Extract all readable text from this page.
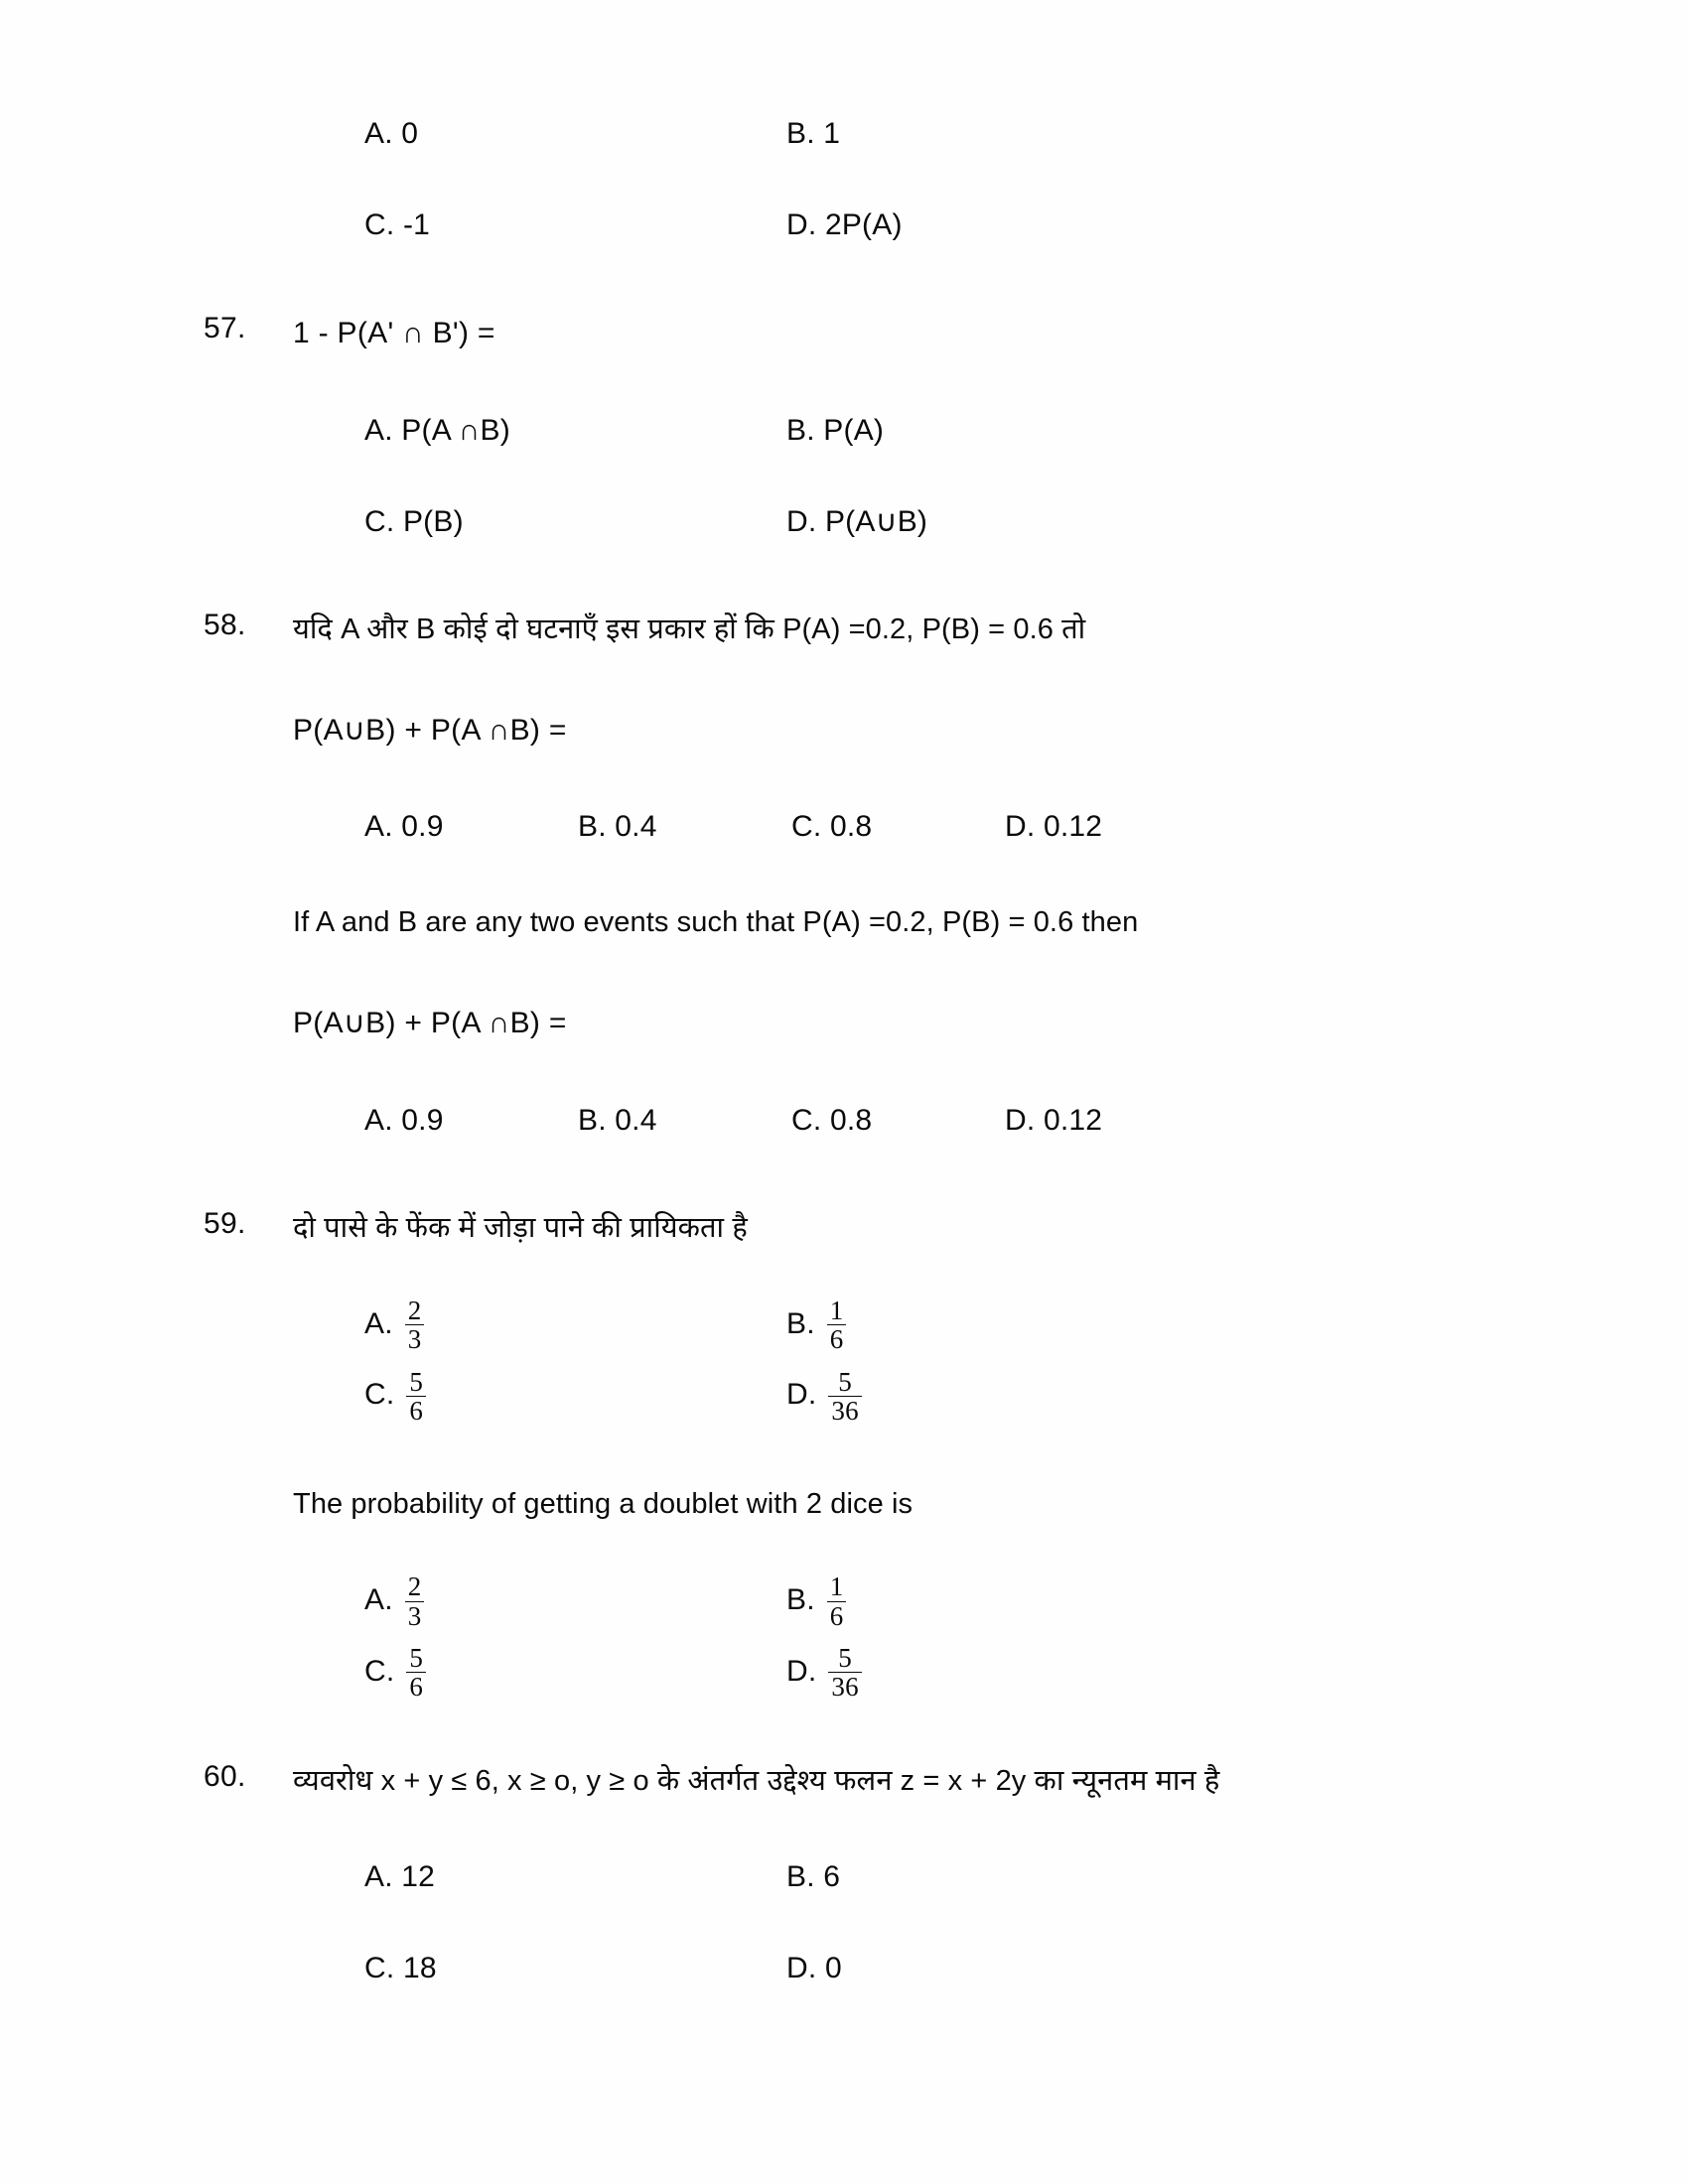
A. 0	B. 1
C. -1	D. 2P(A)
57.	1 - P(A' ∩ B') =
A. P(A ∩B)	B. P(A)
C. P(B)	D. P(A∪B)
58.	यदि A और B कोई दो घटनाएँ इस प्रकार हों कि P(A) =0.2, P(B) = 0.6 तो
P(A∪B) + P(A ∩B) =
A. 0.9	B. 0.4	C. 0.8	D. 0.12
If A and B are any two events such that P(A) =0.2, P(B) = 0.6 then
P(A∪B) + P(A ∩B) =
A. 0.9	B. 0.4	C. 0.8	D. 0.12
59.	दो पासे के फेंक में जोड़ा पाने की प्रायिकता है
A. $\frac{2}{3}$	B. $\frac{1}{6}$
C. $\frac{5}{6}$	D. $\frac{5}{36}$
The probability of getting a doublet with 2 dice is
A. $\frac{2}{3}$	B. $\frac{1}{6}$
C. $\frac{5}{6}$	D. $\frac{5}{36}$
60.	व्यवरोध x + y ≤ 6, x ≥ o, y ≥ o के अंतर्गत उद्देश्य फलन z = x + 2y का न्यूनतम मान है
A. 12	B. 6
C. 18	D. 0
